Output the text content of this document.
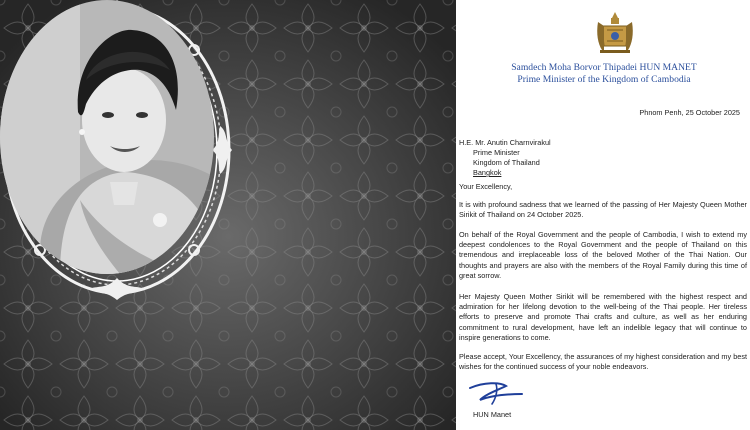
Samdech Moha Borvor Thipadei HUN MANET
Prime Minister of the Kingdom of Cambodia
Phnom Penh, 25 October 2025
H.E. Mr. Anutin Charnvirakul
Prime Minister
Kingdom of Thailand
Bangkok
Your Excellency,
It is with profound sadness that we learned of the passing of Her Majesty Queen Mother Sirikit of Thailand on 24 October 2025.
On behalf of the Royal Government and the people of Cambodia, I wish to extend my deepest condolences to the Royal Government and the people of Thailand on this tremendous and irreplaceable loss of the beloved Mother of the Thai Nation. Our thoughts and prayers are also with the members of the Royal Family during this time of great sorrow.
Her Majesty Queen Mother Sirikit will be remembered with the highest respect and admiration for her lifelong devotion to the well-being of the Thai people. Her tireless efforts to preserve and promote Thai crafts and culture, as well as her enduring commitment to rural development, have left an indelible legacy that will continue to inspire generations to come.
Please accept, Your Excellency, the assurances of my highest consideration and my best wishes for the continued success of your noble endeavors.
HUN Manet
